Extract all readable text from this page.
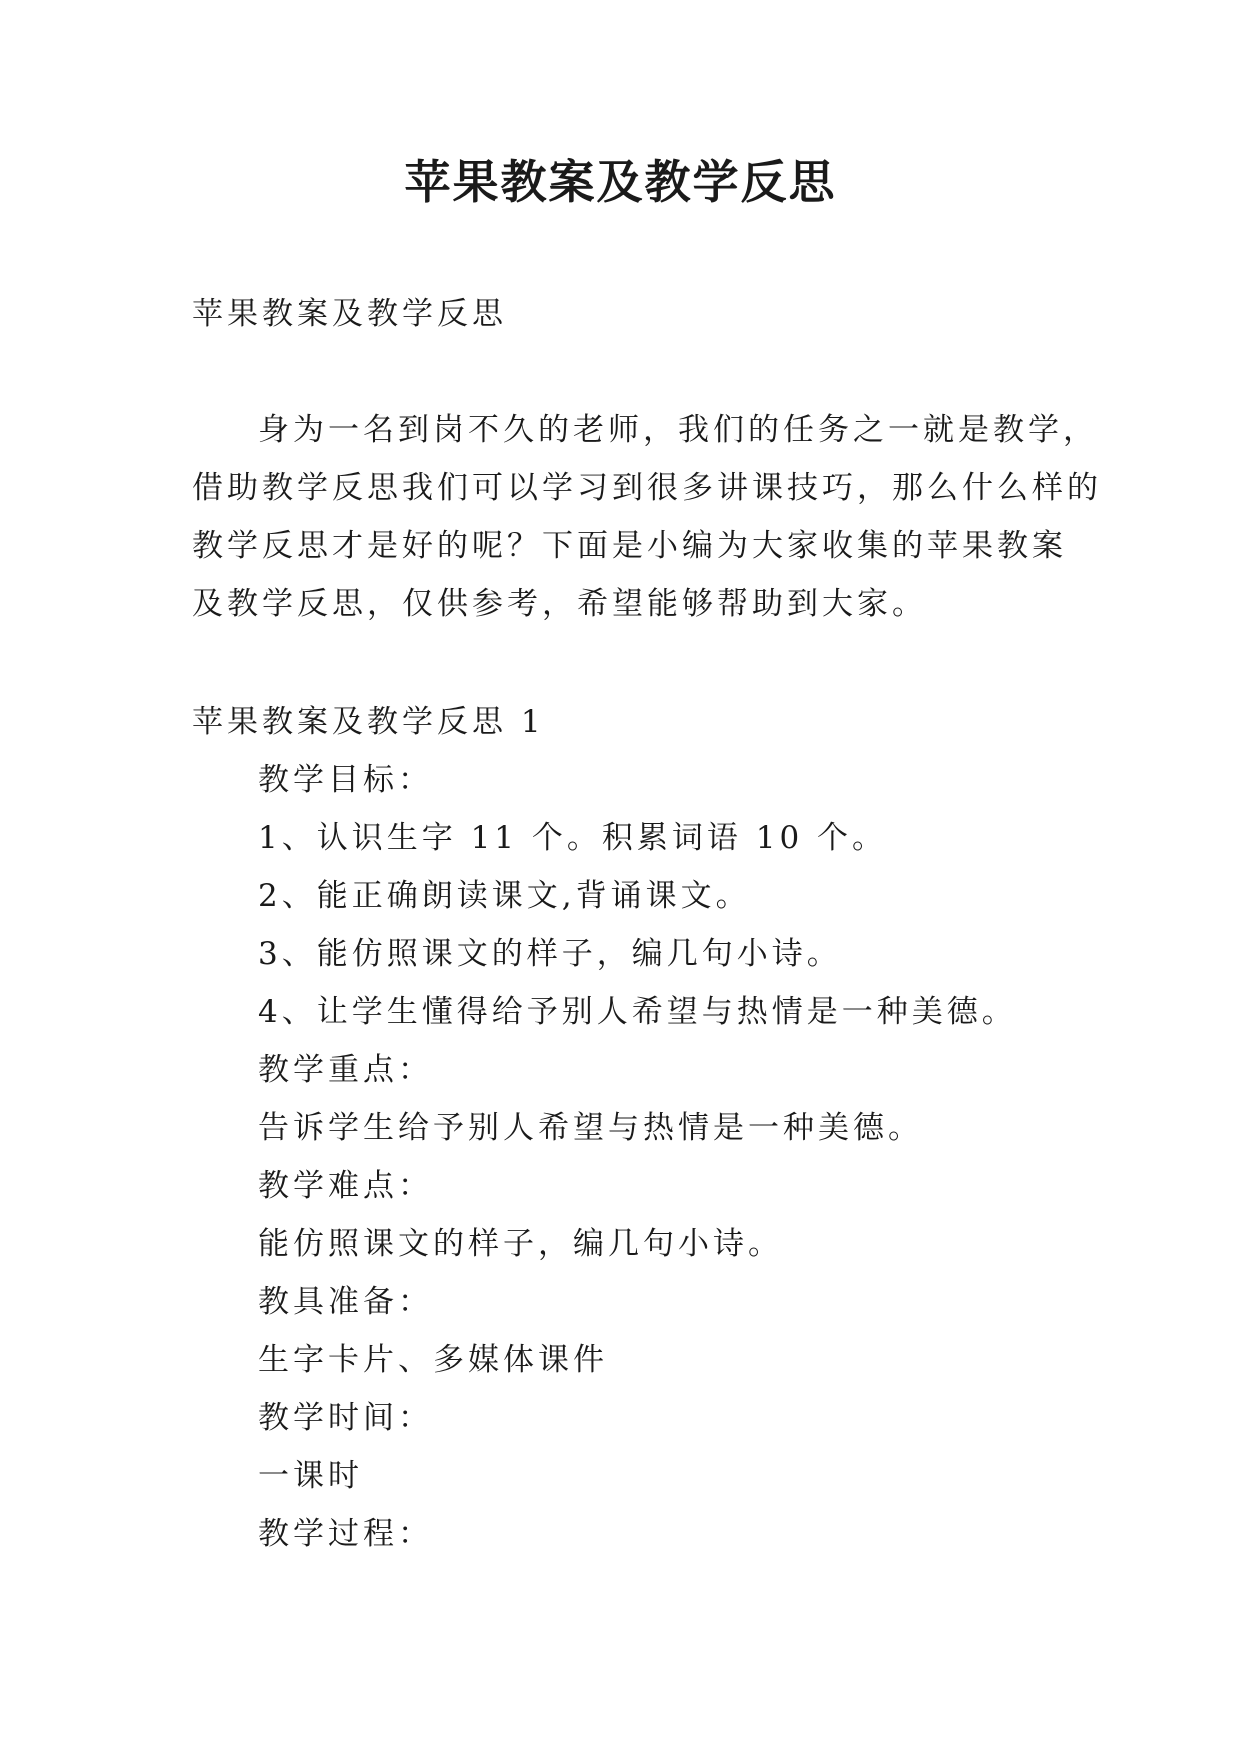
苹果教案及教学反思
苹果教案及教学反思
身为一名到岗不久的老师，我们的任务之一就是教学，
借助教学反思我们可以学习到很多讲课技巧，那么什么样的
教学反思才是好的呢？下面是小编为大家收集的苹果教案
及教学反思，仅供参考，希望能够帮助到大家。
苹果教案及教学反思 1
教学目标：
1、认识生字 11 个。积累词语 10 个。
2、能正确朗读课文,背诵课文。
3、能仿照课文的样子，编几句小诗。
4、让学生懂得给予别人希望与热情是一种美德。
教学重点：
告诉学生给予别人希望与热情是一种美德。
教学难点：
能仿照课文的样子，编几句小诗。
教具准备：
生字卡片、多媒体课件
教学时间：
一课时
教学过程：
